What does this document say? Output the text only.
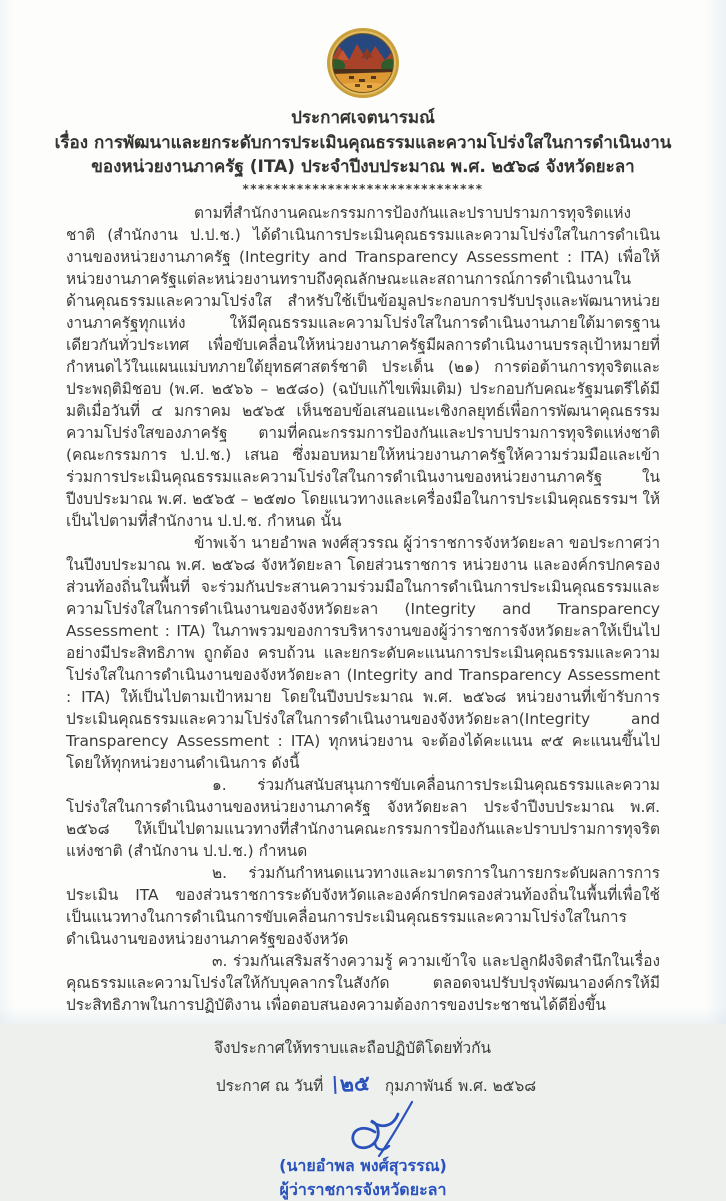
ประกาศเจตนารมณ์
เรื่อง การพัฒนาและยกระดับการประเมินคุณธรรมและความโปร่งใสในการดำเนินงาน
ของหน่วยงานภาครัฐ (ITA) ประจำปีงบประมาณ พ.ศ. ๒๕๖๘ จังหวัดยะลา
*******************************

ตามที่สำนักงานคณะกรรมการป้องกันและปราบปรามการทุจริตแห่งชาติ (สำนักงาน ป.ป.ช.) ได้ดำเนินการประเมินคุณธรรมและความโปร่งใสในการดำเนินงานของหน่วยงานภาครัฐ (Integrity and Transparency Assessment : ITA) เพื่อให้หน่วยงานภาครัฐแต่ละหน่วยงานทราบถึงคุณลักษณะและสถานการณ์การดำเนินงานในด้านคุณธรรมและความโปร่งใส สำหรับใช้เป็นข้อมูลประกอบการปรับปรุงและพัฒนาหน่วยงานภาครัฐทุกแห่ง ให้มีคุณธรรมและความโปร่งใสในการดำเนินงานภายใต้มาตรฐานเดียวกันทั่วประเทศ เพื่อขับเคลื่อนให้หน่วยงานภาครัฐมีผลการดำเนินงานบรรลุเป้าหมายที่กำหนดไว้ในแผนแม่บทภายใต้ยุทธศาสตร์ชาติ ประเด็น (๒๑) การต่อต้านการทุจริตและประพฤติมิชอบ (พ.ศ. ๒๕๖๖ – ๒๕๘๐) (ฉบับแก้ไขเพิ่มเติม) ประกอบกับคณะรัฐมนตรีได้มีมติเมื่อวันที่ ๔ มกราคม ๒๕๖๕ เห็นชอบข้อเสนอแนะเชิงกลยุทธ์เพื่อการพัฒนาคุณธรรมความโปร่งใสของภาครัฐ ตามที่คณะกรรมการป้องกันและปราบปรามการทุจริตแห่งชาติ (คณะกรรมการ ป.ป.ช.) เสนอ ซึ่งมอบหมายให้หน่วยงานภาครัฐให้ความร่วมมือและเข้าร่วมการประเมินคุณธรรมและความโปร่งใสในการดำเนินงานของหน่วยงานภาครัฐ ในปีงบประมาณ พ.ศ. ๒๕๖๕ – ๒๕๗๐ โดยแนวทางและเครื่องมือในการประเมินคุณธรรมฯ ให้เป็นไปตามที่สำนักงาน ป.ป.ช. กำหนด นั้น

ข้าพเจ้า นายอำพล พงศ์สุวรรณ ผู้ว่าราชการจังหวัดยะลา ขอประกาศว่า ในปีงบประมาณ พ.ศ. ๒๕๖๘ จังหวัดยะลา โดยส่วนราชการ หน่วยงาน และองค์กรปกครองส่วนท้องถิ่นในพื้นที่ จะร่วมกันประสานความร่วมมือในการดำเนินการประเมินคุณธรรมและความโปร่งใสในการดำเนินงานของจังหวัดยะลา (Integrity and Transparency Assessment : ITA) ในภาพรวมของการบริหารงานของผู้ว่าราชการจังหวัดยะลาให้เป็นไปอย่างมีประสิทธิภาพ ถูกต้อง ครบถ้วน และยกระดับคะแนนการประเมินคุณธรรมและความโปร่งใสในการดำเนินงานของจังหวัดยะลา (Integrity and Transparency Assessment : ITA) ให้เป็นไปตามเป้าหมาย โดยในปีงบประมาณ พ.ศ. ๒๕๖๘ หน่วยงานที่เข้ารับการประเมินคุณธรรมและความโปร่งใสในการดำเนินงานของจังหวัดยะลา(Integrity and Transparency Assessment : ITA) ทุกหน่วยงาน จะต้องได้คะแนน ๙๕ คะแนนขึ้นไป โดยให้ทุกหน่วยงานดำเนินการ ดังนี้

๑. ร่วมกันสนับสนุนการขับเคลื่อนการประเมินคุณธรรมและความโปร่งใสในการดำเนินงานของหน่วยงานภาครัฐ จังหวัดยะลา ประจำปีงบประมาณ พ.ศ. ๒๕๖๘ ให้เป็นไปตามแนวทางที่สำนักงานคณะกรรมการป้องกันและปราบปรามการทุจริตแห่งชาติ (สำนักงาน ป.ป.ช.) กำหนด

๒. ร่วมกันกำหนดแนวทางและมาตรการในการยกระดับผลการการประเมิน ITA ของส่วนราชการระดับจังหวัดและองค์กรปกครองส่วนท้องถิ่นในพื้นที่เพื่อใช้เป็นแนวทางในการดำเนินการขับเคลื่อนการประเมินคุณธรรมและความโปร่งใสในการดำเนินงานของหน่วยงานภาครัฐของจังหวัด

๓. ร่วมกันเสริมสร้างความรู้ ความเข้าใจ และปลูกฝังจิตสำนึกในเรื่องคุณธรรมและความโปร่งใสให้กับบุคลากรในสังกัด ตลอดจนปรับปรุงพัฒนาองค์กรให้มีประสิทธิภาพในการปฏิบัติงาน เพื่อตอบสนองความต้องการของประชาชนได้ดียิ่งขึ้น

จึงประกาศให้ทราบและถือปฏิบัติโดยทั่วกัน

ประกาศ ณ วันที่ ๒๕ กุมภาพันธ์ พ.ศ. ๒๕๖๘
(นายอำพล พงศ์สุวรรณ)
ผู้ว่าราชการจังหวัดยะลา
